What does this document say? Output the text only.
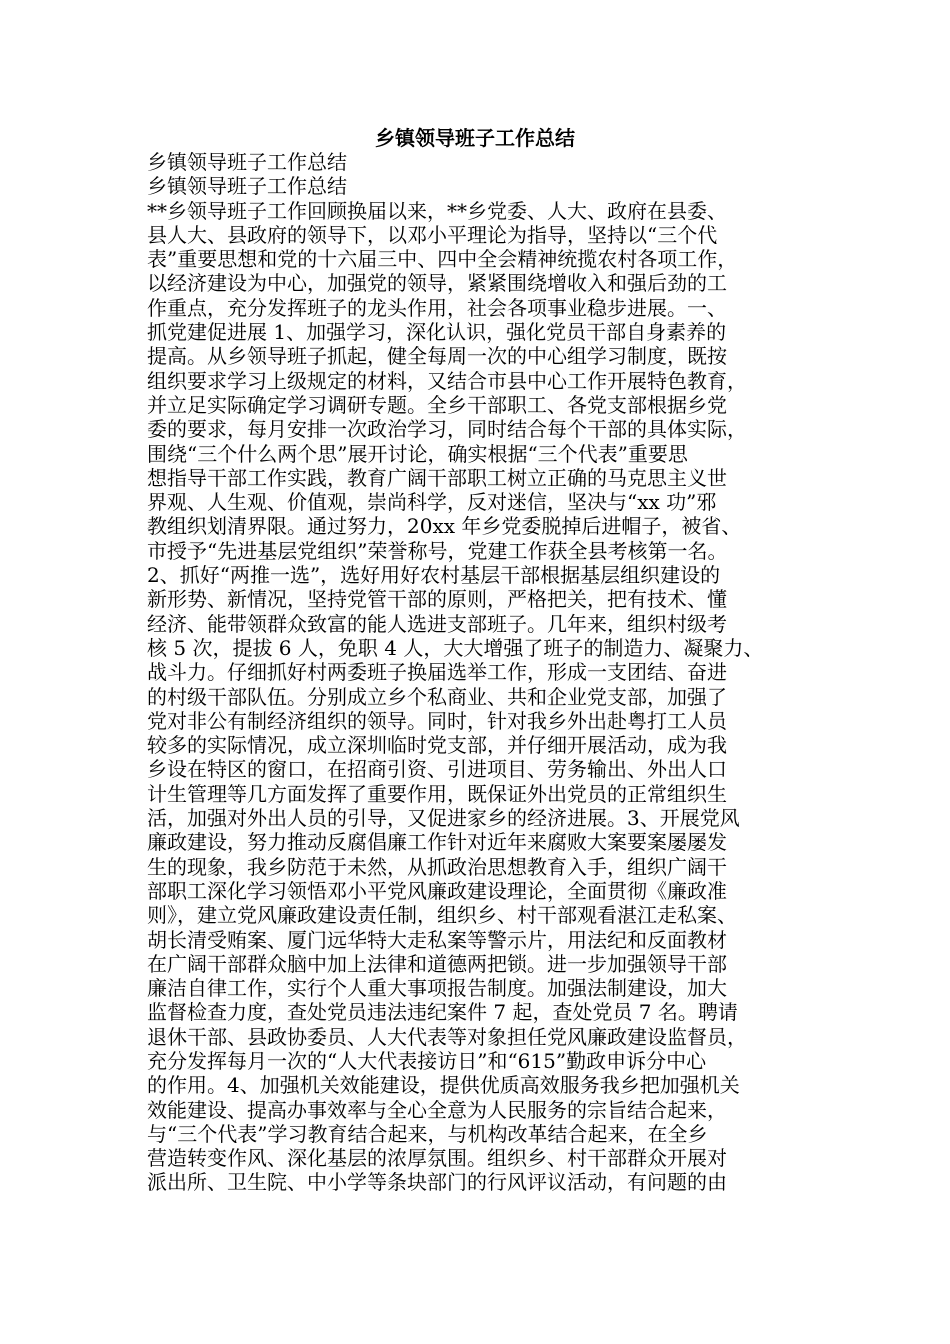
乡镇领导班子工作总结
乡镇领导班子工作总结
乡镇领导班子工作总结
**乡领导班子工作回顾换届以来，**乡党委、人大、政府在县委、
县人大、县政府的领导下，以邓小平理论为指导，坚持以“三个代
表”重要思想和党的十六届三中、四中全会精神统揽农村各项工作，
以经济建设为中心，加强党的领导，紧紧围绕增收入和强后劲的工
作重点，充分发挥班子的龙头作用，社会各项事业稳步进展。一、
抓党建促进展 1、加强学习，深化认识，强化党员干部自身素养的
提高。从乡领导班子抓起，健全每周一次的中心组学习制度，既按
组织要求学习上级规定的材料，又结合市县中心工作开展特色教育，
并立足实际确定学习调研专题。全乡干部职工、各党支部根据乡党
委的要求，每月安排一次政治学习，同时结合每个干部的具体实际，
围绕“三个什么两个思”展开讨论，确实根据“三个代表”重要思
想指导干部工作实践，教育广阔干部职工树立正确的马克思主义世
界观、人生观、价值观，崇尚科学，反对迷信，坚决与“xx 功”邪
教组织划清界限。通过努力，20xx 年乡党委脱掉后进帽子，被省、
市授予“先进基层党组织”荣誉称号，党建工作获全县考核第一名。
2、抓好“两推一选”，选好用好农村基层干部根据基层组织建设的
新形势、新情况，坚持党管干部的原则，严格把关，把有技术、懂
经济、能带领群众致富的能人选进支部班子。几年来，组织村级考
核 5 次，提拔 6 人，免职 4 人，大大增强了班子的制造力、凝聚力、
战斗力。仔细抓好村两委班子换届选举工作，形成一支团结、奋进
的村级干部队伍。分别成立乡个私商业、共和企业党支部，加强了
党对非公有制经济组织的领导。同时，针对我乡外出赴粤打工人员
较多的实际情况，成立深圳临时党支部，并仔细开展活动，成为我
乡设在特区的窗口，在招商引资、引进项目、劳务输出、外出人口
计生管理等几方面发挥了重要作用，既保证外出党员的正常组织生
活，加强对外出人员的引导，又促进家乡的经济进展。3、开展党风
廉政建设，努力推动反腐倡廉工作针对近年来腐败大案要案屡屡发
生的现象，我乡防范于未然，从抓政治思想教育入手，组织广阔干
部职工深化学习领悟邓小平党风廉政建设理论，全面贯彻《廉政准
则》，建立党风廉政建设责任制，组织乡、村干部观看湛江走私案、
胡长清受贿案、厦门远华特大走私案等警示片，用法纪和反面教材
在广阔干部群众脑中加上法律和道德两把锁。进一步加强领导干部
廉洁自律工作，实行个人重大事项报告制度。加强法制建设，加大
监督检查力度，查处党员违法违纪案件 7 起，查处党员 7 名。聘请
退休干部、县政协委员、人大代表等对象担任党风廉政建设监督员，
充分发挥每月一次的“人大代表接访日”和“615”勤政申诉分中心
的作用。4、加强机关效能建设，提供优质高效服务我乡把加强机关
效能建设、提高办事效率与全心全意为人民服务的宗旨结合起来，
与“三个代表”学习教育结合起来，与机构改革结合起来，在全乡
营造转变作风、深化基层的浓厚氛围。组织乡、村干部群众开展对
派出所、卫生院、中小学等条块部门的行风评议活动，有问题的由
